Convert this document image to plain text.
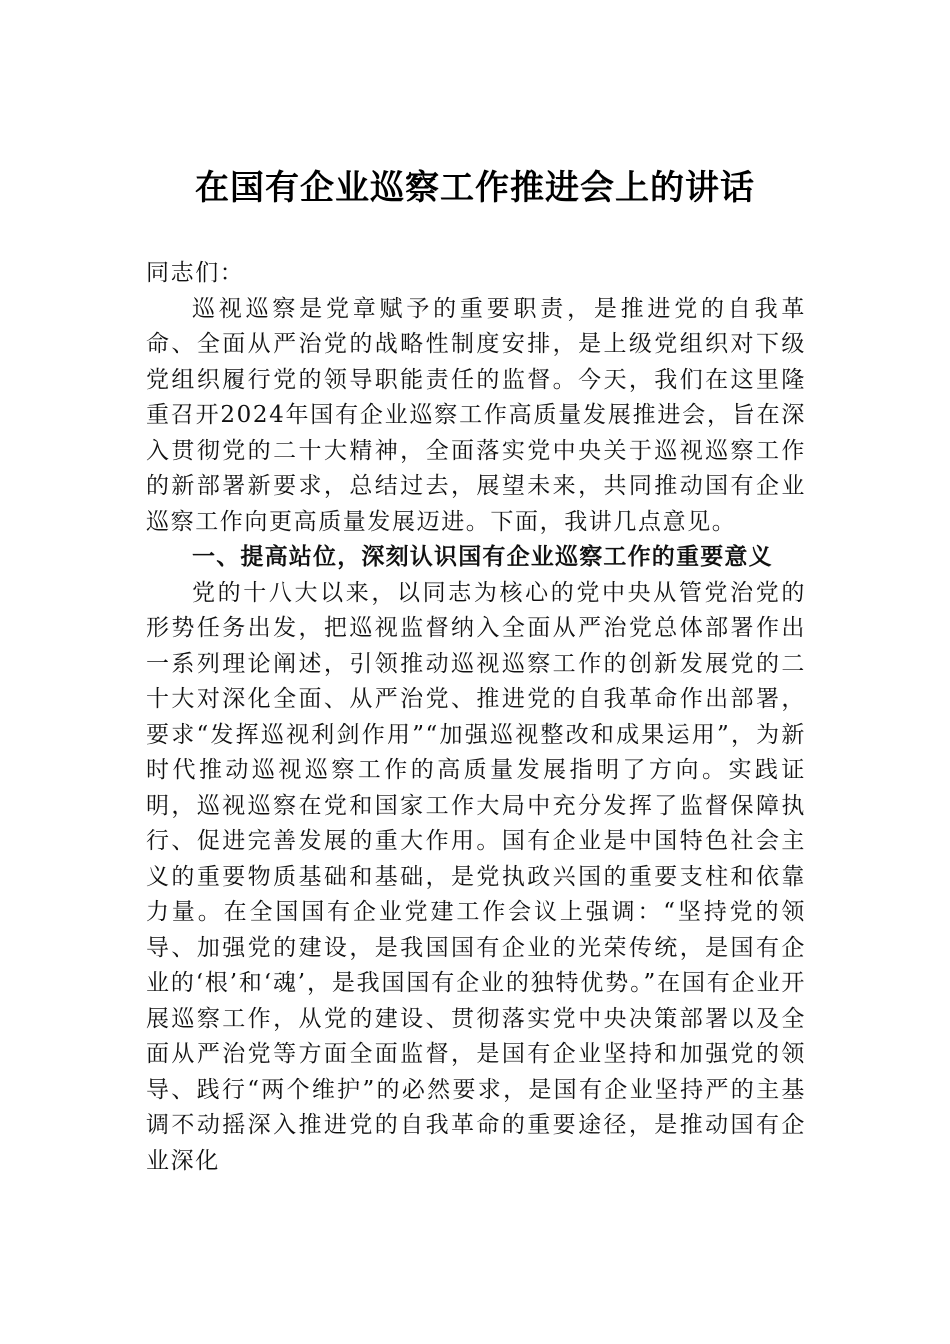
在国有企业巡察工作推进会上的讲话

同志们：

巡视巡察是党章赋予的重要职责，是推进党的自我革命、全面从严治党的战略性制度安排，是上级党组织对下级党组织履行党的领导职能责任的监督。今天，我们在这里隆重召开2024年国有企业巡察工作高质量发展推进会，旨在深入贯彻党的二十大精神，全面落实党中央关于巡视巡察工作的新部署新要求，总结过去，展望未来，共同推动国有企业巡察工作向更高质量发展迈进。下面，我讲几点意见。

一、提高站位，深刻认识国有企业巡察工作的重要意义

党的十八大以来，以同志为核心的党中央从管党治党的形势任务出发，把巡视监督纳入全面从严治党总体部署作出一系列理论阐述，引领推动巡视巡察工作的创新发展党的二十大对深化全面、从严治党、推进党的自我革命作出部署，要求“发挥巡视利剑作用”“加强巡视整改和成果运用”，为新时代推动巡视巡察工作的高质量发展指明了方向。实践证明，巡视巡察在党和国家工作大局中充分发挥了监督保障执行、促进完善发展的重大作用。国有企业是中国特色社会主义的重要物质基础和基础，是党执政兴国的重要支柱和依靠力量。在全国国有企业党建工作会议上强调：“坚持党的领导、加强党的建设，是我国国有企业的光荣传统，是国有企业的‘根’和‘魂’，是我国国有企业的独特优势。”在国有企业开展巡察工作，从党的建设、贯彻落实党中央决策部署以及全面从严治党等方面全面监督，是国有企业坚持和加强党的领导、践行“两个维护”的必然要求，是国有企业坚持严的主基调不动摇深入推进党的自我革命的重要途径，是推动国有企业深化
